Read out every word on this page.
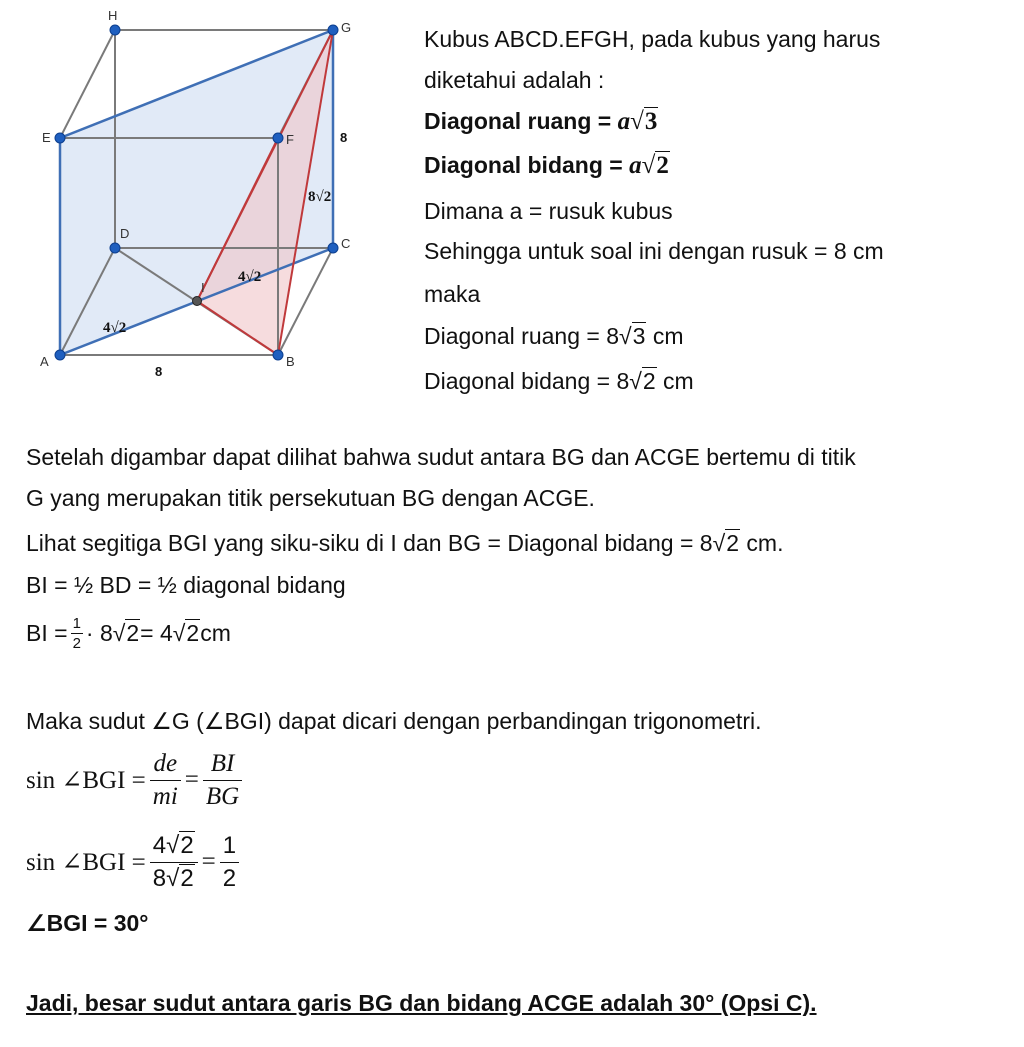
A	B
C
D
E	F
G
H
I
8
8
8√2
4√2
4√2
Kubus ABCD.EFGH, pada kubus yang harus
diketahui adalah :
Diagonal ruang = a√3
Diagonal bidang = a√2
Dimana a = rusuk kubus
Sehingga untuk soal ini dengan rusuk = 8 cm
maka
Diagonal ruang = 8√3 cm
Diagonal bidang = 8√2 cm
Setelah digambar dapat dilihat bahwa sudut antara BG dan ACGE bertemu di titik
G yang merupakan titik persekutuan BG dengan ACGE.
Lihat segitiga BGI yang siku-siku di I dan BG = Diagonal bidang = 8√2 cm.
BI = ½ BD = ½ diagonal bidang
BI = $\frac{1}{2} \cdot 8$ √ 2 = 4 √ 2 cm
Maka sudut ∠G (∠BGI) dapat dicari dengan perbandingan trigonometri.
sin ∠BGI = $\frac{de}{mi} = \frac{BI}{BG}$
sin ∠BGI = $\frac{4√2}{8√2} = \frac{1}{2}$
∠BGI = 30°
Jadi, besar sudut antara garis BG dan bidang ACGE adalah 30° (Opsi C).
